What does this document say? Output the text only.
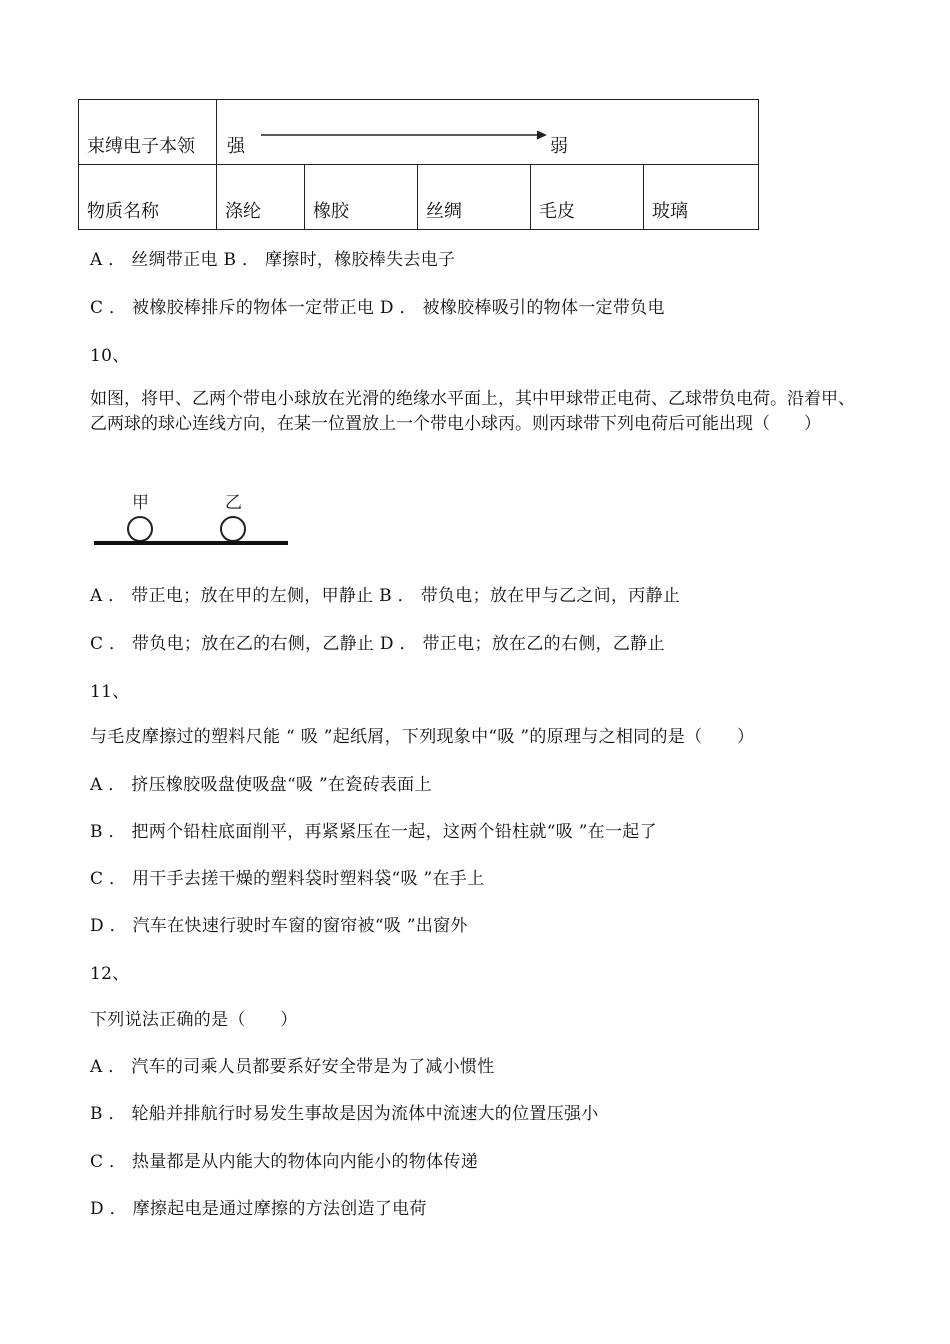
束缚电子本领	强 弱				

物质名称	涤纶	橡胶	丝绸	毛皮	玻璃
A ． 丝绸带正电 B ． 摩擦时，橡胶棒失去电子
C ． 被橡胶棒排斥的物体一定带正电 D ． 被橡胶棒吸引的物体一定带负电
10、
如图，将甲、乙两个带电小球放在光滑的绝缘水平面上，其中甲球带正电荷、乙球带负电荷。沿着甲、乙两球的球心连线方向，在某一位置放上一个带电小球丙。则丙球带下列电荷后可能出现（　　）
甲	乙
A ． 带正电；放在甲的左侧，甲静止 B ． 带负电；放在甲与乙之间，丙静止
C ． 带负电；放在乙的右侧，乙静止 D ． 带正电；放在乙的右侧，乙静止
11、
与毛皮摩擦过的塑料尺能 “ 吸 ”起纸屑，下列现象中“吸 ”的原理与之相同的是（　　）
A ． 挤压橡胶吸盘使吸盘“吸 ”在瓷砖表面上
B ． 把两个铅柱底面削平，再紧紧压在一起，这两个铅柱就“吸 ”在一起了
C ． 用干手去搓干燥的塑料袋时塑料袋“吸 ”在手上
D ． 汽车在快速行驶时车窗的窗帘被“吸 ”出窗外
12、
下列说法正确的是（　　）
A ． 汽车的司乘人员都要系好安全带是为了减小惯性
B ． 轮船并排航行时易发生事故是因为流体中流速大的位置压强小
C ． 热量都是从内能大的物体向内能小的物体传递
D ． 摩擦起电是通过摩擦的方法创造了电荷
